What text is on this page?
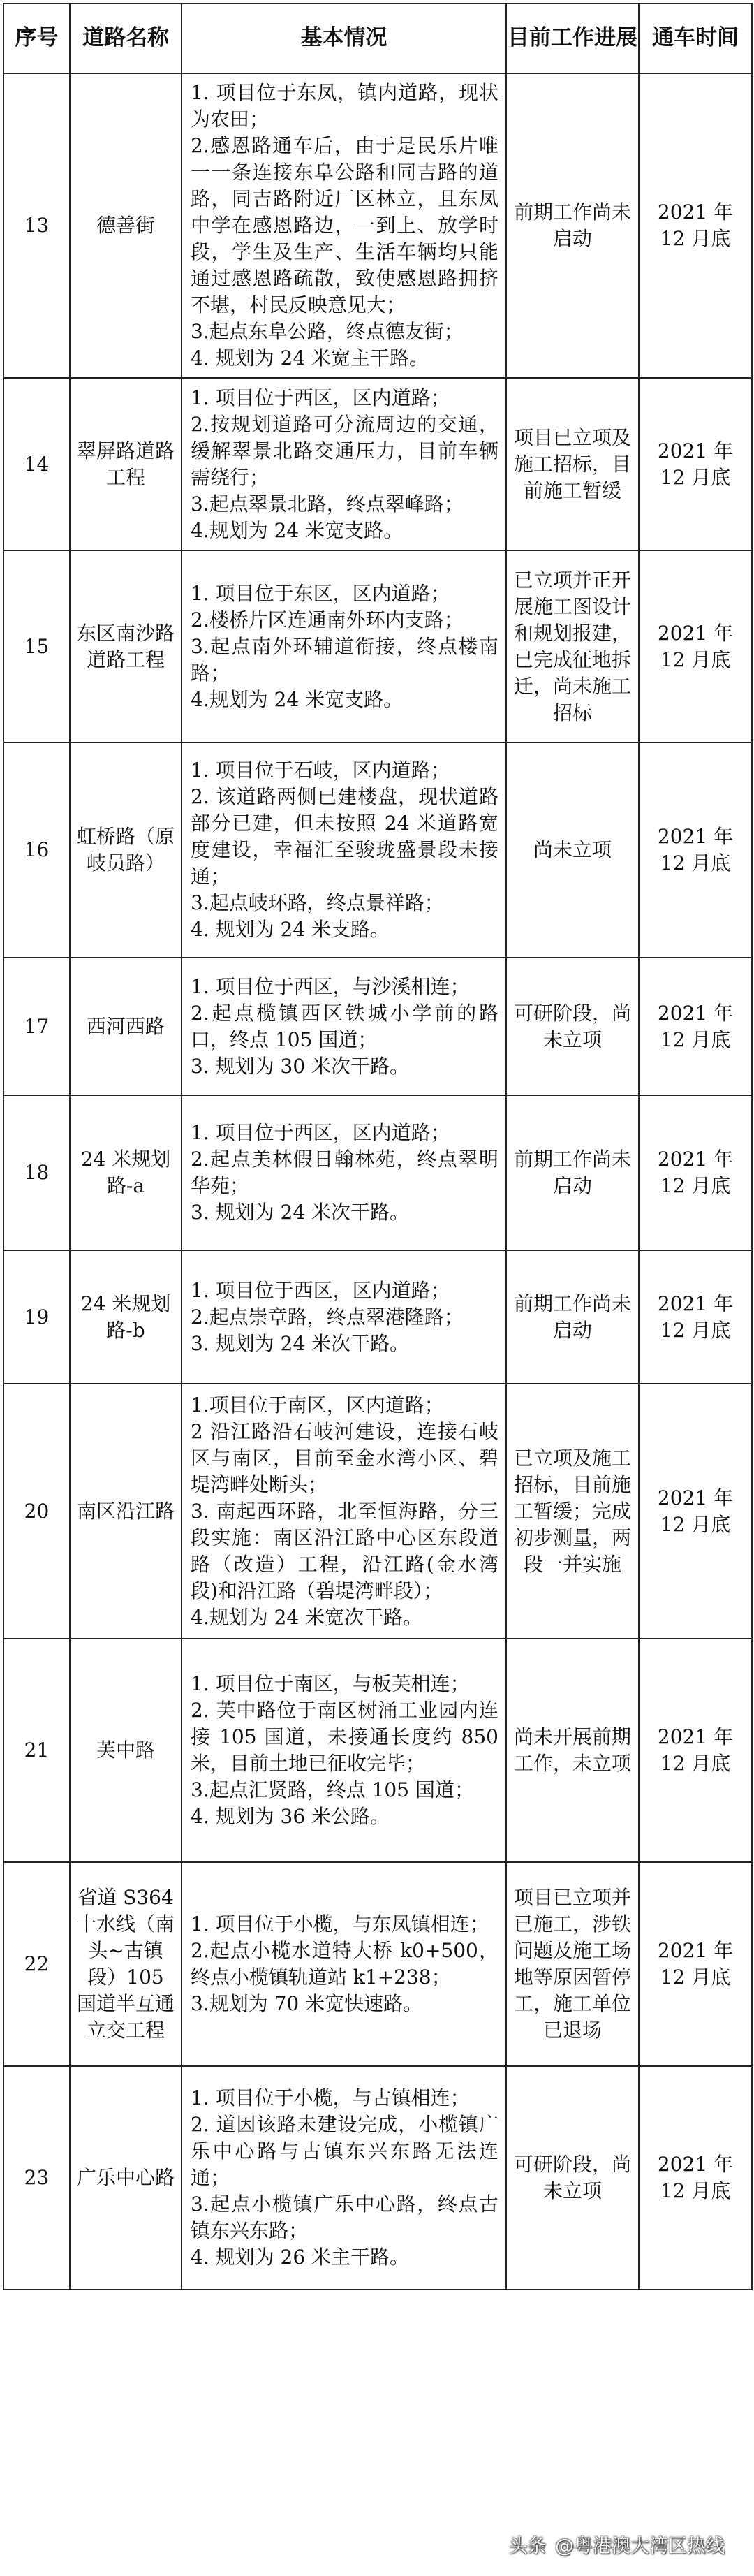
序号	道路名称	基本情况	目前工作进展	通车时间
13	德善街	1. 项目位于东凤，镇内道路，现状为农田；
2.感恩路通车后，由于是民乐片唯一一条连接东阜公路和同吉路的道路，同吉路附近厂区林立，且东凤中学在感恩路边，一到上、放学时段，学生及生产、生活车辆均只能通过感恩路疏散，致使感恩路拥挤不堪，村民反映意见大；
3.起点东阜公路，终点德友街；
4. 规划为 24 米宽主干路。	前期工作尚未启动	2021 年 12 月底
14	翠屏路道路工程	1. 项目位于西区，区内道路；
2.按规划道路可分流周边的交通，缓解翠景北路交通压力，目前车辆需绕行；
3.起点翠景北路，终点翠峰路；
4.规划为 24 米宽支路。	项目已立项及施工招标，目前施工暂缓	2021 年 12 月底
15	东区南沙路道路工程	1. 项目位于东区，区内道路；
2.楼桥片区连通南外环内支路；
3.起点南外环辅道衔接，终点楼南路；
4.规划为 24 米宽支路。	已立项并正开展施工图设计和规划报建，已完成征地拆迁，尚未施工招标	2021 年 12 月底
16	虹桥路（原岐员路）	1. 项目位于石岐，区内道路；
2. 该道路两侧已建楼盘，现状道路部分已建，但未按照 24 米道路宽度建设，幸福汇至骏珑盛景段未接通；
3.起点岐环路，终点景祥路；
4. 规划为 24 米支路。	尚未立项	2021 年 12 月底
17	西河西路	1. 项目位于西区，与沙溪相连；
2.起点榄镇西区铁城小学前的路口，终点 105 国道；
3. 规划为 30 米次干路。	可研阶段，尚未立项	2021 年 12 月底
18	24 米规划路-a	1. 项目位于西区，区内道路；
2.起点美林假日翰林苑，终点翠明华苑；
3. 规划为 24 米次干路。	前期工作尚未启动	2021 年 12 月底
19	24 米规划路-b	1. 项目位于西区，区内道路；
2.起点崇章路，终点翠港隆路；
3. 规划为 24 米次干路。	前期工作尚未启动	2021 年 12 月底
20	南区沿江路	1.项目位于南区，区内道路；
2 沿江路沿石岐河建设，连接石岐区与南区，目前至金水湾小区、碧堤湾畔处断头；
3. 南起西环路，北至恒海路，分三段实施：南区沿江路中心区东段道路（改造）工程，沿江路(金水湾段)和沿江路（碧堤湾畔段）；
4.规划为 24 米宽次干路。	已立项及施工招标，目前施工暂缓；完成初步测量，两段一并实施	2021 年 12 月底
21	芙中路	1. 项目位于南区，与板芙相连；
2. 芙中路位于南区树涌工业园内连接 105 国道，未接通长度约 850 米，目前土地已征收完毕；
3.起点汇贤路，终点 105 国道；
4. 规划为 36 米公路。	尚未开展前期工作，未立项	2021 年 12 月底
22	省道 S364 十水线（南头~古镇段）105 国道半互通立交工程	1. 项目位于小榄，与东凤镇相连；
2.起点小榄水道特大桥 k0+500，终点小榄镇轨道站 k1+238；
3.规划为 70 米宽快速路。	项目已立项并已施工，涉铁问题及施工场地等原因暂停工，施工单位已退场	2021 年 12 月底
23	广乐中心路	1. 项目位于小榄，与古镇相连；
2. 道因该路未建设完成，小榄镇广乐中心路与古镇东兴东路无法连通；
3.起点小榄镇广乐中心路，终点古镇东兴东路；
4. 规划为 26 米主干路。	可研阶段，尚未立项	2021 年 12 月底
头条 @粤港澳大湾区热线
